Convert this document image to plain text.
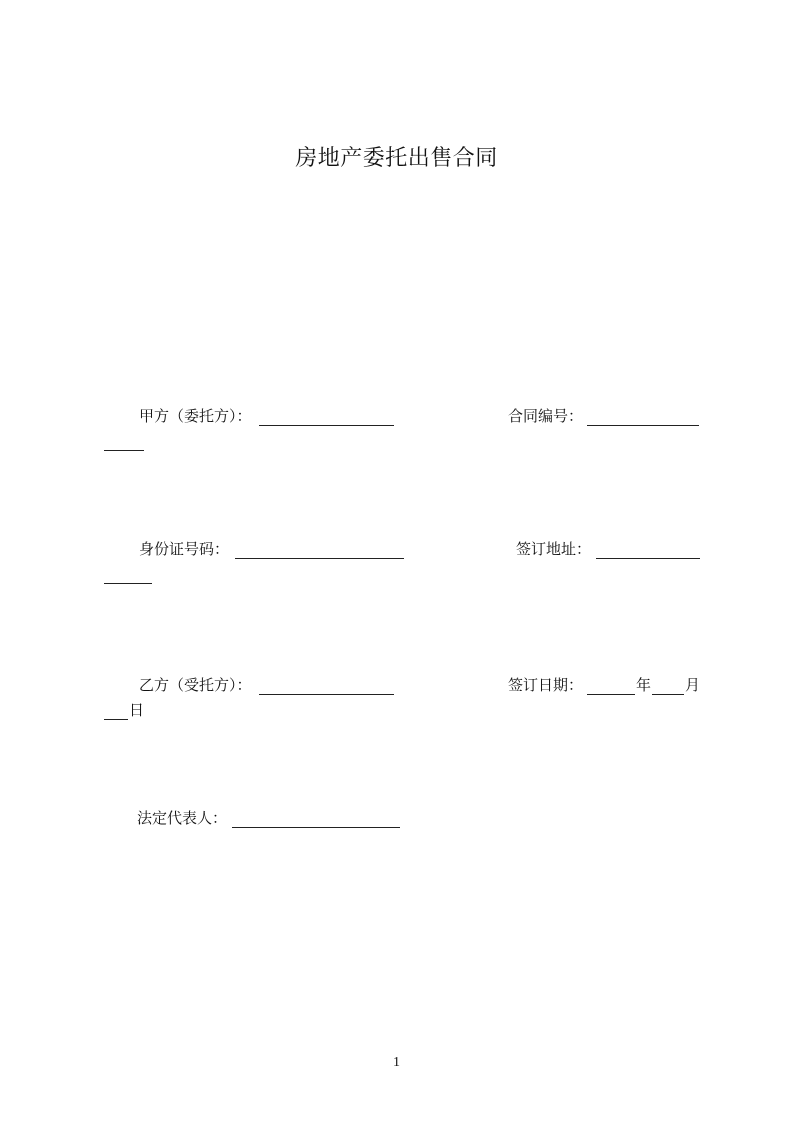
房地产委托出售合同
甲方（委托方）：	合同编号：
身份证号码：	签订地址：
乙方（受托方）：	签订日期：	年 月
日
法定代表人：
1
